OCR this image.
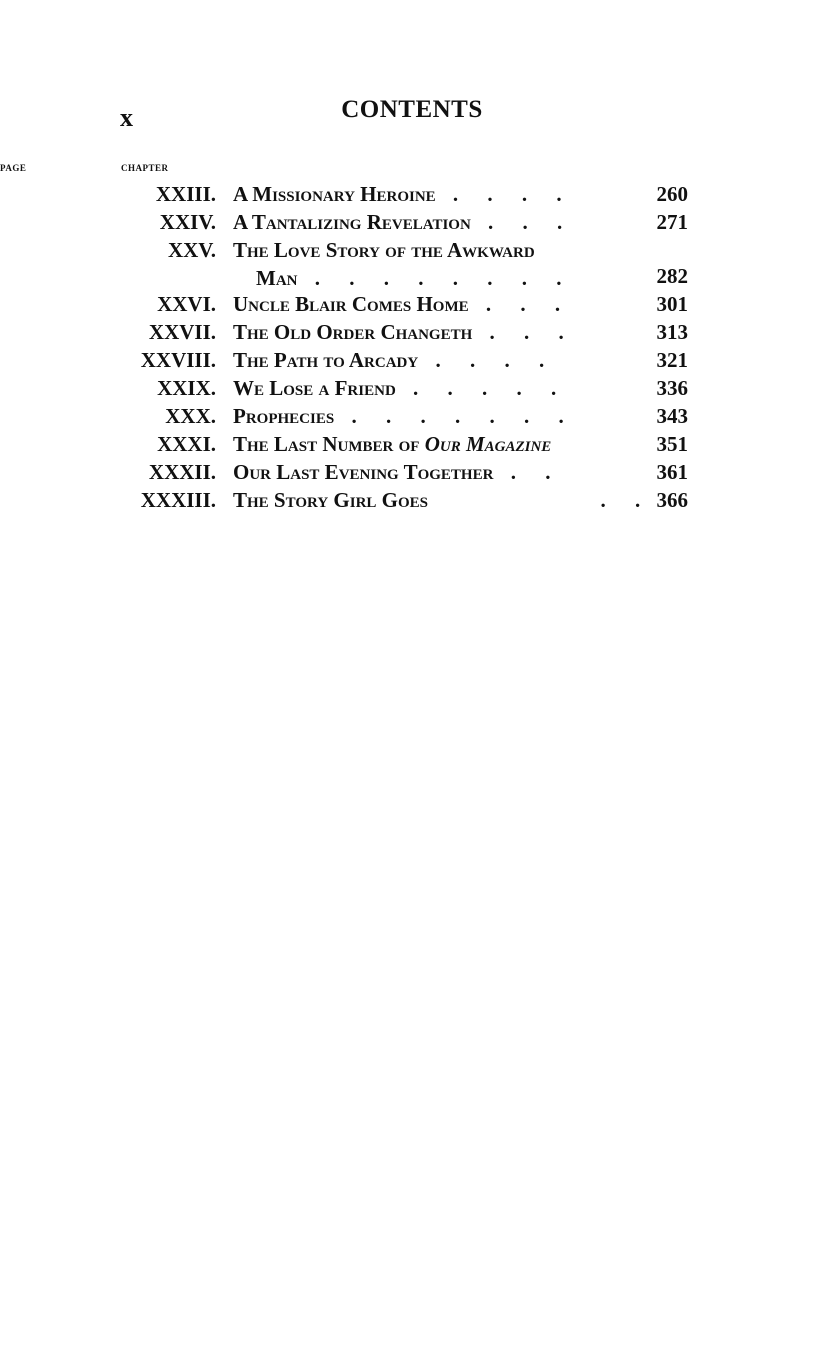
x	CONTENTS
CHAPTER
PAGE
XXIII. A Missionary Heroine . . . .	260
XXIV. A Tantalizing Revelation . . .	271
XXV. The Love Story of the Awkward
Man . . . . . . . .	282
XXVI. Uncle Blair Comes Home . . .	301
XXVII. The Old Order Changeth . . .	313
XXVIII. The Path to Arcady . . . .	321
XXIX. We Lose a Friend . . . . .	336
XXX. Prophecies . . . . . . .	343
XXXI. The Last Number of Our Magazine	351
XXXII. Our Last Evening Together . .	361
XXXIII. The Story Girl Goes          . . 366
